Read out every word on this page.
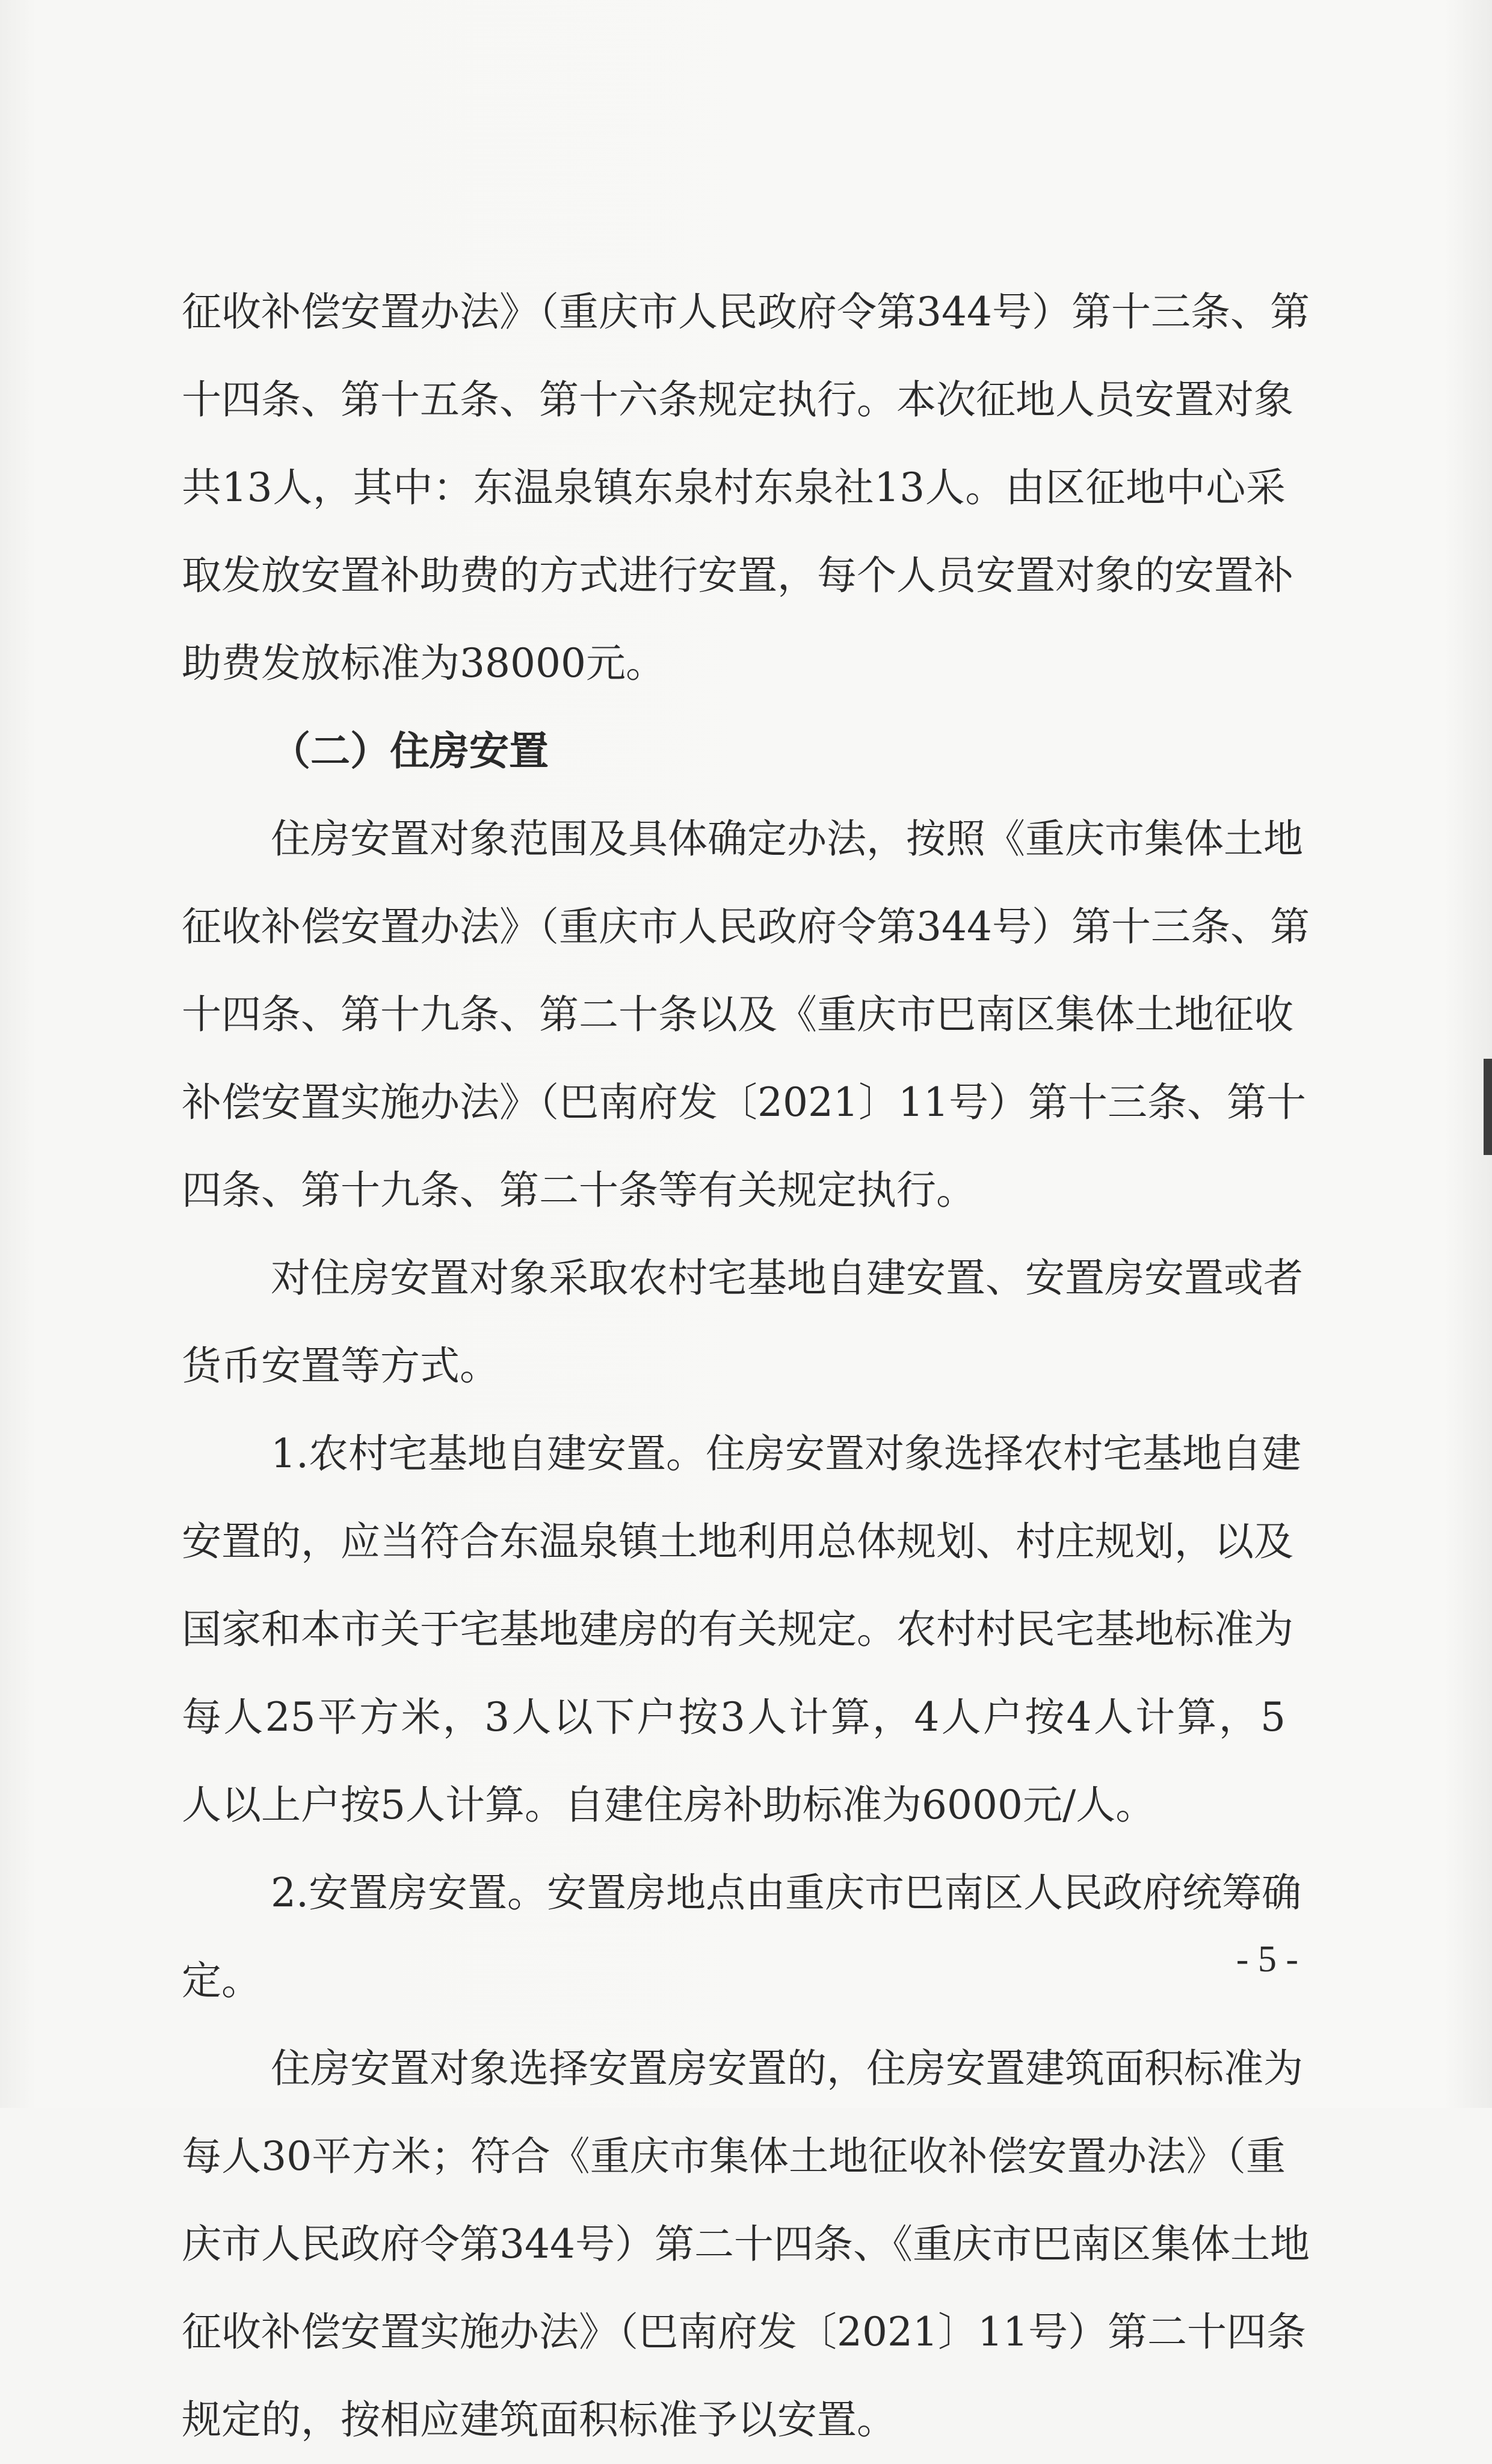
征收补偿安置办法》（重庆市人民政府令第344号）第十三条、第
十四条、第十五条、第十六条规定执行。本次征地人员安置对象
共13人，其中：东温泉镇东泉村东泉社13人。由区征地中心采
取发放安置补助费的方式进行安置，每个人员安置对象的安置补
助费发放标准为38000元。
（二）住房安置
住房安置对象范围及具体确定办法，按照《重庆市集体土地
征收补偿安置办法》（重庆市人民政府令第344号）第十三条、第
十四条、第十九条、第二十条以及《重庆市巴南区集体土地征收
补偿安置实施办法》（巴南府发〔2021〕11号）第十三条、第十
四条、第十九条、第二十条等有关规定执行。
对住房安置对象采取农村宅基地自建安置、安置房安置或者
货币安置等方式。
1.农村宅基地自建安置。住房安置对象选择农村宅基地自建
安置的，应当符合东温泉镇土地利用总体规划、村庄规划，以及
国家和本市关于宅基地建房的有关规定。农村村民宅基地标准为
每人25平方米，3人以下户按3人计算，4人户按4人计算，5
人以上户按5人计算。自建住房补助标准为6000元/人。
2.安置房安置。安置房地点由重庆市巴南区人民政府统筹确
定。
住房安置对象选择安置房安置的，住房安置建筑面积标准为
每人30平方米；符合《重庆市集体土地征收补偿安置办法》（重
庆市人民政府令第344号）第二十四条、《重庆市巴南区集体土地
征收补偿安置实施办法》（巴南府发〔2021〕11号）第二十四条
规定的，按相应建筑面积标准予以安置。
- 5 -
